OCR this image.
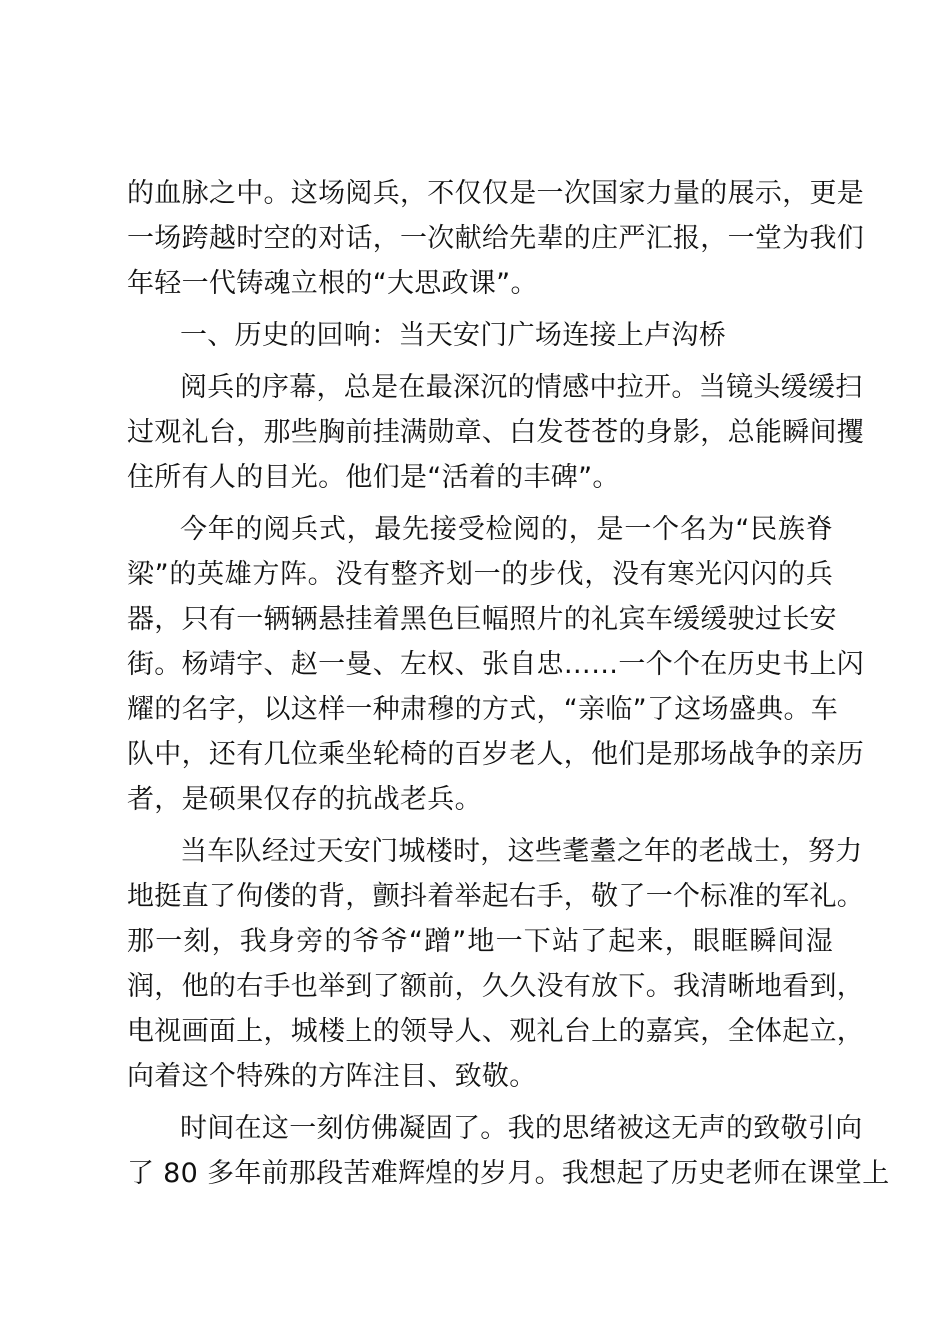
的血脉之中。这场阅兵，不仅仅是一次国家力量的展示，更是
一场跨越时空的对话，一次献给先辈的庄严汇报，一堂为我们
年轻一代铸魂立根的“大思政课”。
一、历史的回响：当天安门广场连接上卢沟桥
阅兵的序幕，总是在最深沉的情感中拉开。当镜头缓缓扫
过观礼台，那些胸前挂满勋章、白发苍苍的身影，总能瞬间攫
住所有人的目光。他们是“活着的丰碑”。
今年的阅兵式，最先接受检阅的，是一个名为“民族脊
梁”的英雄方阵。没有整齐划一的步伐，没有寒光闪闪的兵
器，只有一辆辆悬挂着黑色巨幅照片的礼宾车缓缓驶过长安
街。杨靖宇、赵一曼、左权、张自忠……一个个在历史书上闪
耀的名字，以这样一种肃穆的方式，“亲临”了这场盛典。车
队中，还有几位乘坐轮椅的百岁老人，他们是那场战争的亲历
者，是硕果仅存的抗战老兵。
当车队经过天安门城楼时，这些耄耋之年的老战士，努力
地挺直了佝偻的背，颤抖着举起右手，敬了一个标准的军礼。
那一刻，我身旁的爷爷“蹭”地一下站了起来，眼眶瞬间湿
润，他的右手也举到了额前，久久没有放下。我清晰地看到，
电视画面上，城楼上的领导人、观礼台上的嘉宾，全体起立，
向着这个特殊的方阵注目、致敬。
时间在这一刻仿佛凝固了。我的思绪被这无声的致敬引向
了 80 多年前那段苦难辉煌的岁月。我想起了历史老师在课堂上
